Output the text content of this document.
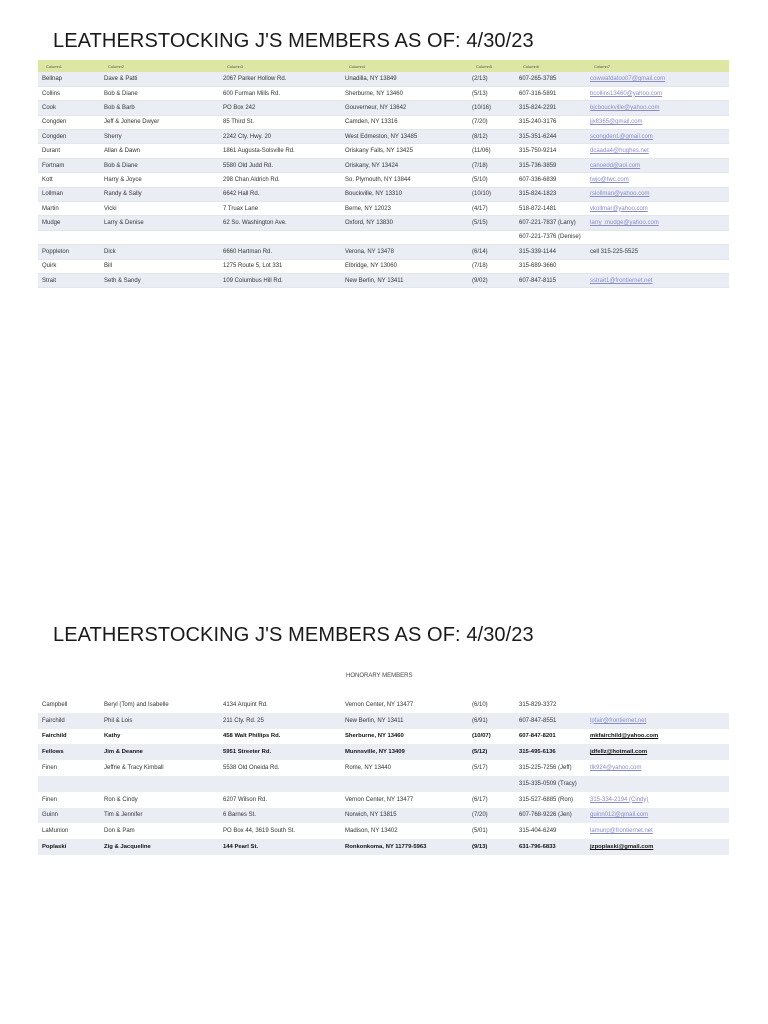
LEATHERSTOCKING J'S MEMBERS AS OF: 4/30/23
Column1	Column2	Column3	Column4	Column5	Column6	Column7
Bellnap	Dave & Patti	2067 Parker Hollow Rd.	Unadilla, NY 13849	(2/13)	607-265-3785	cowwafdatoo07@gmail.com
Collins	Bob & Diane	600 Furman Mills Rd.	Sherburne, NY 13460	(5/13)	607-316-5891	bcollins13460@yahoo.com
Cook	Bob & Barb	PO Box 242	Gouverneur, NY 13642	(10/16)	315-824-2291	bjcbouckville@yahoo.com
Congden	Jeff & Johene Dwyer	85 Third St.	Camden, NY 13316	(7/20)	315-240-3176	jjx8365@gmail.com
Congden	Sherry	2242 Cty. Hwy. 20	West Edmeston, NY 13485	(8/12)	315-351-6244	scongden1@gmail.com
Durant	Allan & Dawn	1861 Augusta-Solsville Rd.	Oriskany Falls, NY 13425	(11/06)	315-750-9214	dcaada4@hughes.net
Fortnam	Bob & Diane	5580 Old Judd Rd.	Oriskany, NY 13424	(7/18)	315-736-3859	canoedd@aol.com
Kott	Harry & Joyce	298 Chan Aldrich Rd.	So. Plymouth, NY 13844	(5/10)	607-336-6839	twjo@twc.com
Lollman	Randy & Sally	6642 Hall Rd.	Bouckville, NY 13310	(10/10)	315-824-1823	rslollman@yahoo.com
Martin	Vicki	7 Truax Lane	Berne, NY 12023	(4/17)	518-872-1481	vkollmar@yahoo.com
Mudge	Larry & Denise	62 So. Washington Ave.	Oxford, NY 13830	(5/15)	607-221-7837 (Larry)	larry_mudge@yahoo.com
					607-221-7376 (Denise)	
Poppleton	Dick	6660 Hartman Rd.	Verona, NY 13478	(6/14)	315-339-1144	cell 315-225-5525
Quirk	Bill	1275 Route 5, Lot 331	Elbridge, NY 13060	(7/18)	315-689-3660	
Strait	Seth & Sandy	109 Columbus Hill Rd.	New Berlin, NY 13411	(9/02)	607-847-8115	sstrait1@frontiernet.net
LEATHERSTOCKING J'S MEMBERS AS OF: 4/30/23
HONORARY MEMBERS
Campbell	Beryl (Tom) and Isabelle	4134 Arquint Rd.	Vernon Center, NY 13477	(6/10)	315-829-3372	
Fairchild	Phil & Lois	211 Cty. Rd. 25	New Berlin, NY 13411	(6/91)	607-847-8551	lpfair@frontiernet.net
Fairchild	Kathy	458 Walt Phillips Rd.	Sherburne, NY 13460	(10/07)	607-847-8201	mkfairchild@yahoo.com
Fellows	Jim & Deanne	5951 Streeter Rd.	Munnsville, NY 13409	(5/12)	315-495-6136	jdfellz@hotmail.com
Finen	Jeffrie & Tracy Kimball	5538 Old Oneida Rd.	Rome, NY 13440	(5/17)	315-225-7256 (Jeff)	tlk924@yahoo.com
					315-335-0509 (Tracy)	
Finen	Ron & Cindy	6207 Wilson Rd.	Vernon Center, NY 13477	(6/17)	315-527-6885 (Ron)	315-334-2194 (Cindy)
Guinn	Tim & Jennifer	6 Barnes St.	Norwich, NY 13815	(7/20)	607-768-9226 (Jen)	guinn012@gmail.com
LaMunion	Don & Pam	PO Box 44, 3619 South St.	Madison, NY 13402	(5/01)	315-404-6249	lamunp@frontiernet.net
Poplaski	Zig & Jacqueline	144 Pearl St.	Ronkonkoma, NY 11779-5963	(9/13)	631-796-6833	jzpoplaski@gmail.com
